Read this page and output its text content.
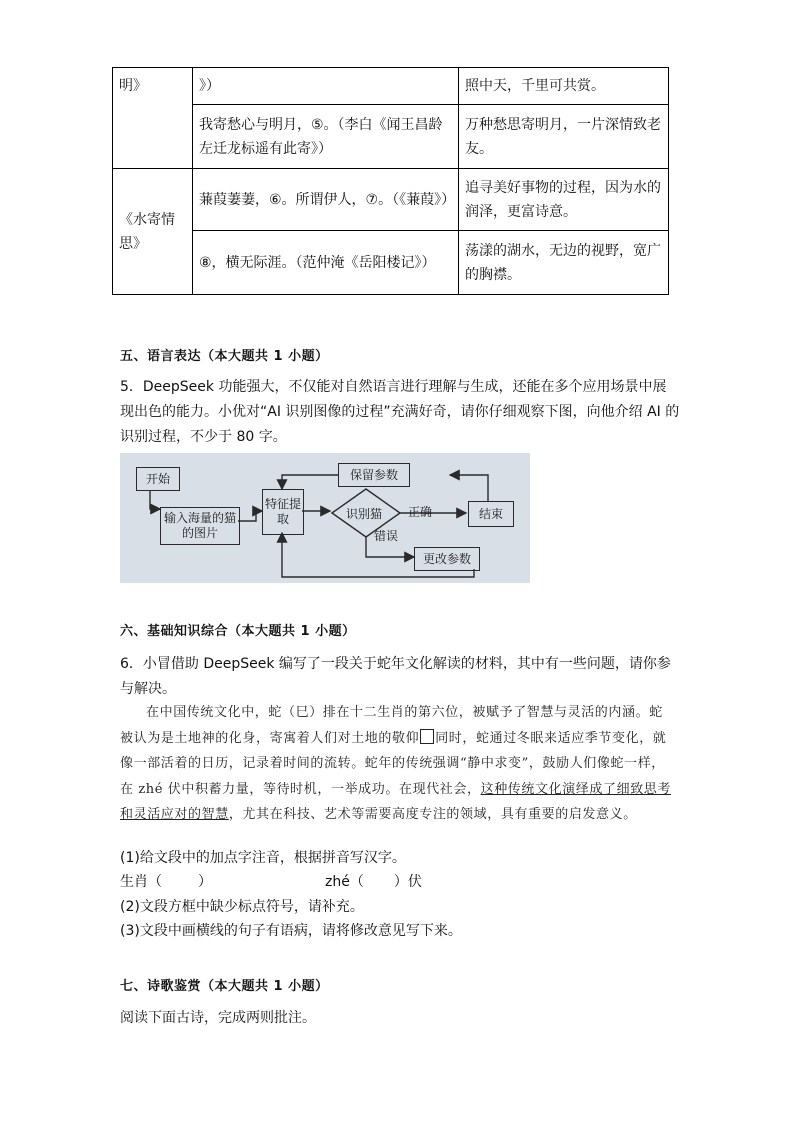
明》	》）	照中天，千里可共赏。
	我寄愁心与明月，⑤。（李白《闻王昌龄左迁龙标遥有此寄》）	万种愁思寄明月，一片深情致老友。
《水寄情思》	蒹葭萋萋，⑥。所谓伊人，⑦。（《蒹葭》）	追寻美好事物的过程，因为水的润泽，更富诗意。
	⑧，横无际涯。（范仲淹《岳阳楼记》）	荡漾的湖水，无边的视野，宽广的胸襟。
五、语言表达（本大题共 1 小题）
5．DeepSeek 功能强大，不仅能对自然语言进行理解与生成，还能在多个应用场景中展现出色的能力。小优对“AI 识别图像的过程”充满好奇，请你仔细观察下图，向他介绍 AI 的识别过程，不少于 80 字。
开始
输入海量的猫的图片
特征提取
保留参数
识别猫 正确
错误
结束
更改参数
六、基础知识综合（本大题共 1 小题）
6．小冒借助 DeepSeek 编写了一段关于蛇年文化解读的材料，其中有一些问题，请你参与解决。
在中国传统文化中，蛇（巳）排在十二生肖的第六位，被赋予了智慧与灵活的内涵。蛇被认为是土地神的化身，寄寓着人们对土地的敬仰 同时，蛇通过冬眠来适应季节变化，就像一部活着的日历，记录着时间的流转。蛇年的传统强调“静中求变”，鼓励人们像蛇一样，在 zhé 伏中积蓄力量，等待时机，一举成功。在现代社会，这种传统文化演绎成了细致思考和灵活应对的智慧，尤其在科技、艺术等需要高度专注的领域，具有重要的启发意义。
(1)给文段中的加点字注音，根据拼音写汉字。
生肖（	）	zhé（ ）伏
(2)文段方框中缺少标点符号，请补充。
(3)文段中画横线的句子有语病，请将修改意见写下来。
七、诗歌鉴赏（本大题共 1 小题）
阅读下面古诗，完成两则批注。
